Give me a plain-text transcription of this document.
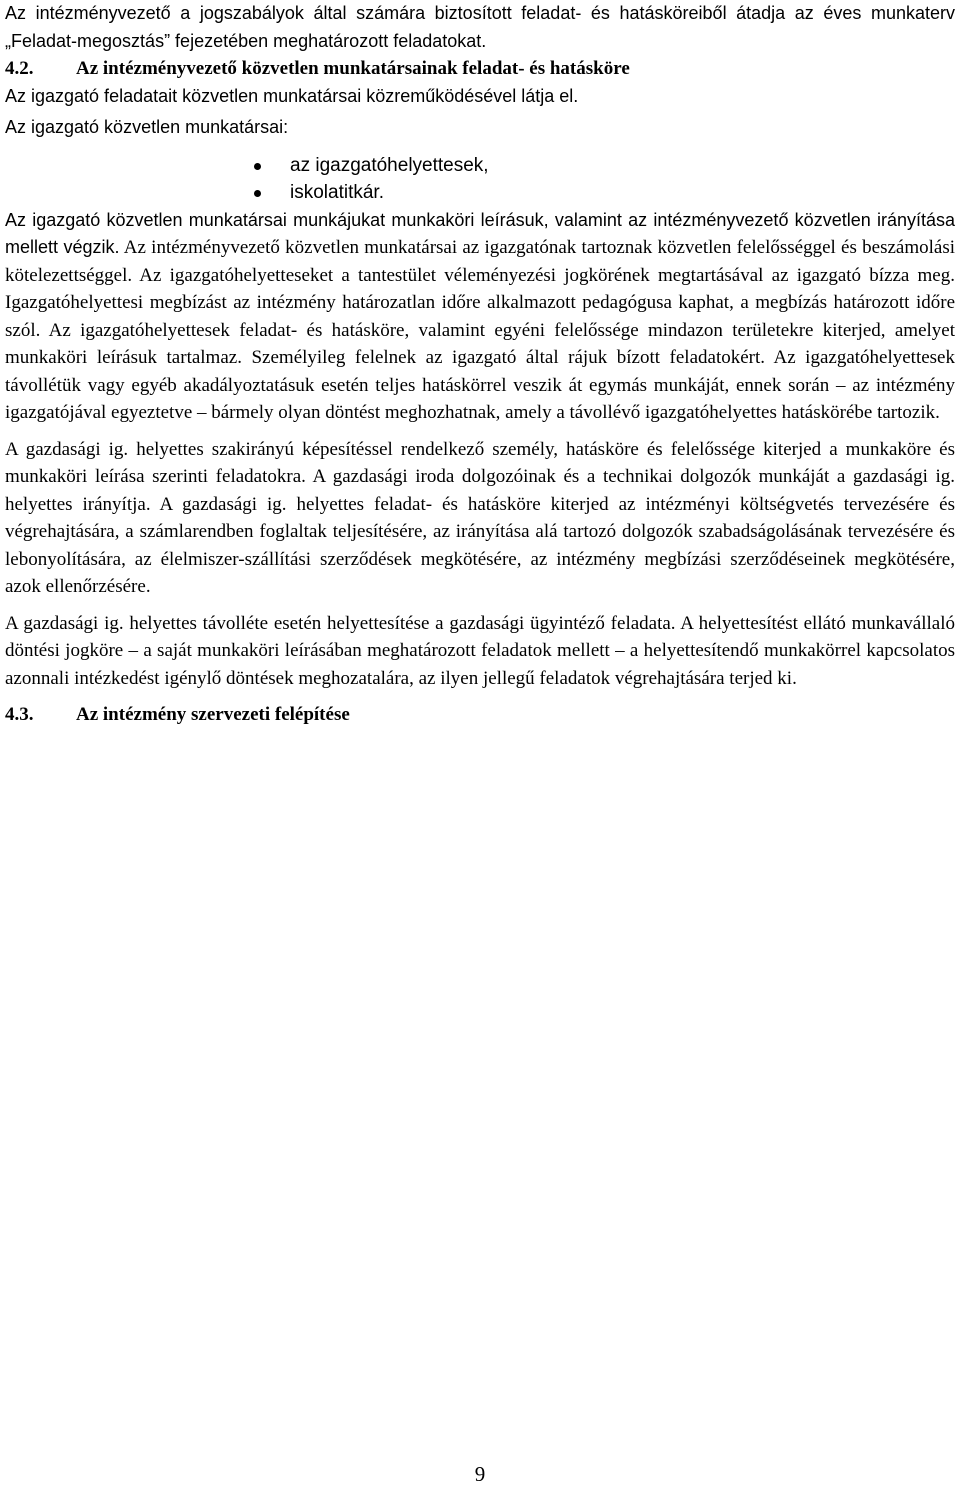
Az intézményvezető a jogszabályok által számára biztosított feladat- és hatásköreiből átadja az éves munkaterv „Feladat-megosztás” fejezetében meghatározott feladatokat.

4.2. Az intézményvezető közvetlen munkatársainak feladat- és hatásköre

Az igazgató feladatait közvetlen munkatársai közreműködésével látja el.

Az igazgató közvetlen munkatársai:

az igazgatóhelyettesek,
iskolatitkár.

Az igazgató közvetlen munkatársai munkájukat munkaköri leírásuk, valamint az intézményvezető közvetlen irányítása mellett végzik. Az intézményvezető közvetlen munkatársai az igazgatónak tartoznak közvetlen felelősséggel és beszámolási kötelezettséggel. Az igazgatóhelyetteseket a tantestület véleményezési jogkörének megtartásával az igazgató bízza meg. Igazgatóhelyettesi megbízást az intézmény határozatlan időre alkalmazott pedagógusa kaphat, a megbízás határozott időre szól. Az igazgatóhelyettesek feladat- és hatásköre, valamint egyéni felelőssége mindazon területekre kiterjed, amelyet munkaköri leírásuk tartalmaz. Személyileg felelnek az igazgató által rájuk bízott feladatokért. Az igazgatóhelyettesek távollétük vagy egyéb akadályoztatásuk esetén teljes hatáskörrel veszik át egymás munkáját, ennek során – az intézmény igazgatójával egyeztetve – bármely olyan döntést meghozhatnak, amely a távollévő igazgatóhelyettes hatáskörébe tartozik.

A gazdasági ig. helyettes szakirányú képesítéssel rendelkező személy, hatásköre és felelőssége kiterjed a munkaköre és munkaköri leírása szerinti feladatokra. A gazdasági iroda dolgozóinak és a technikai dolgozók munkáját a gazdasági ig. helyettes irányítja. A gazdasági ig. helyettes feladat- és hatásköre kiterjed az intézményi költségvetés tervezésére és végrehajtására, a számlarendben foglaltak teljesítésére, az irányítása alá tartozó dolgozók szabadságolásának tervezésére és lebonyolítására, az élelmiszer-szállítási szerződések megkötésére, az intézmény megbízási szerződéseinek megkötésére, azok ellenőrzésére.

A gazdasági ig. helyettes távolléte esetén helyettesítése a gazdasági ügyintéző feladata. A helyettesítést ellátó munkavállaló döntési jogköre – a saját munkaköri leírásában meghatározott feladatok mellett – a helyettesítendő munkakörrel kapcsolatos azonnali intézkedést igénylő döntések meghozatalára, az ilyen jellegű feladatok végrehajtására terjed ki.

4.3. Az intézmény szervezeti felépítése

9
